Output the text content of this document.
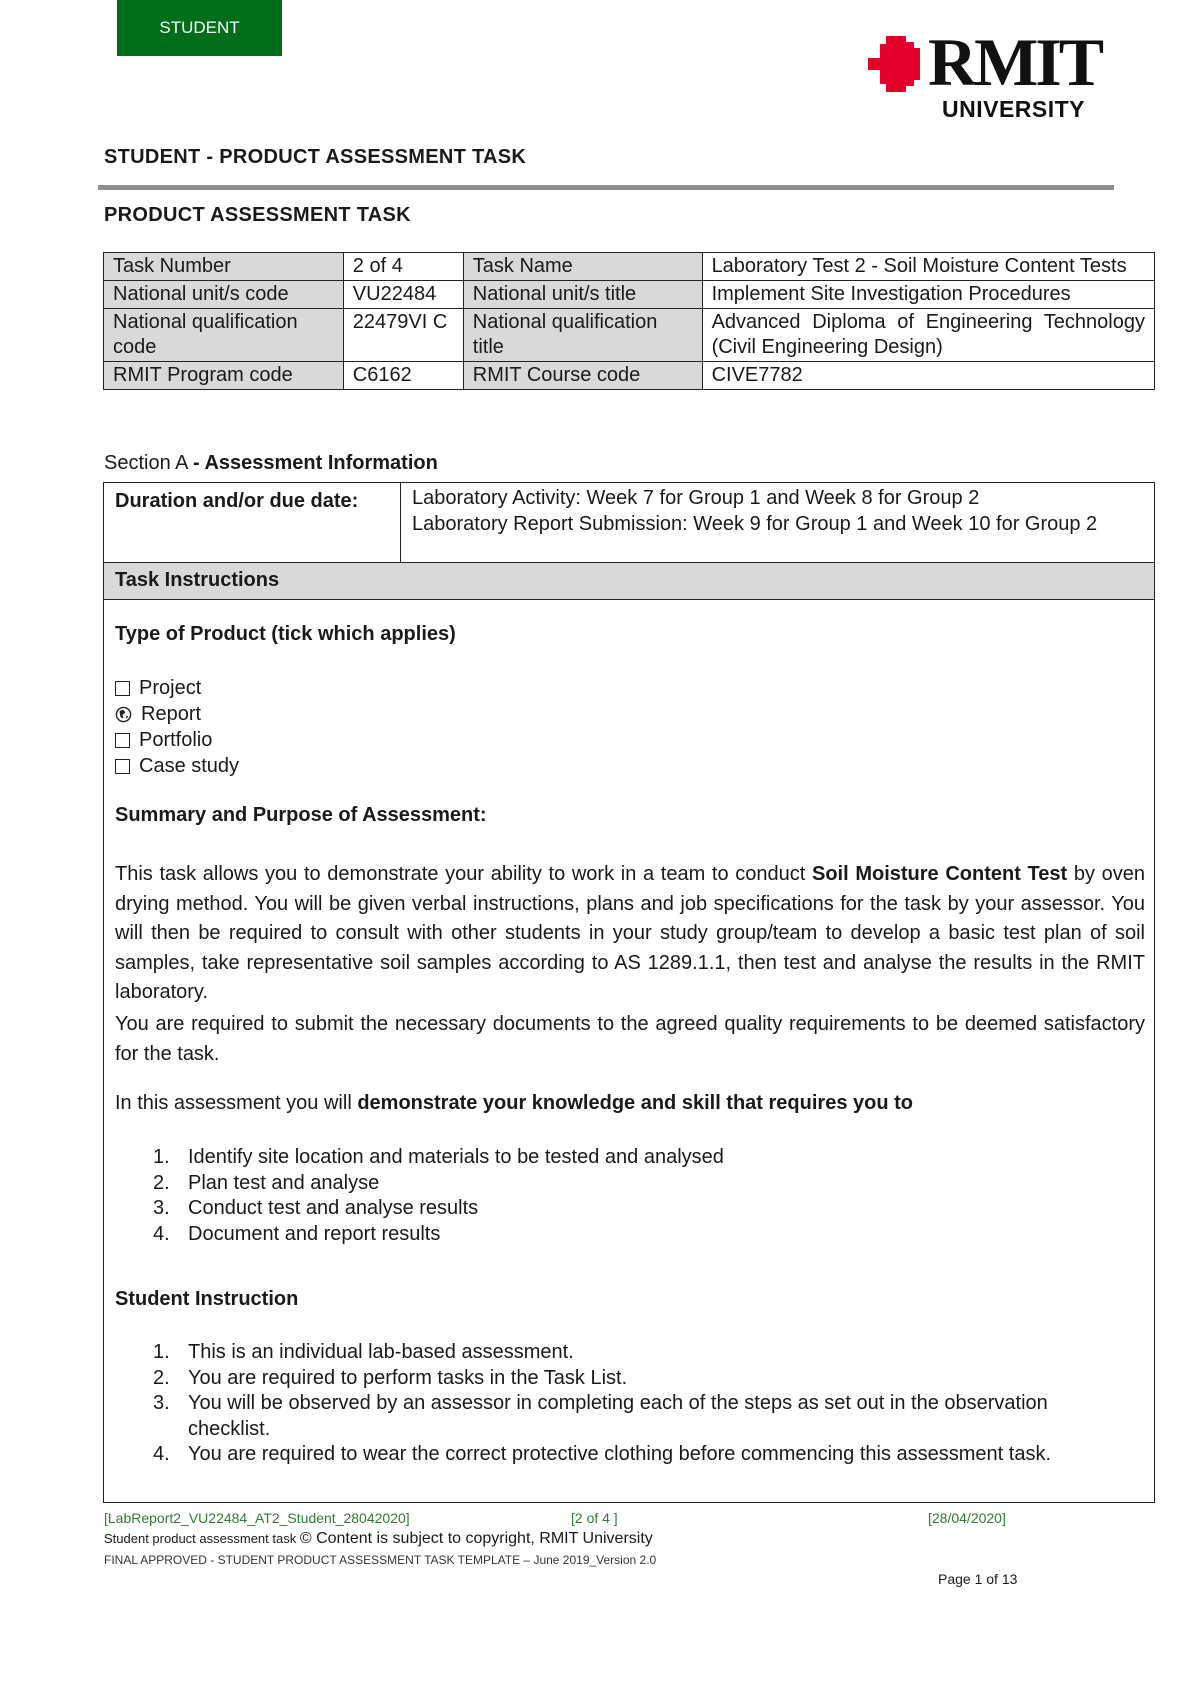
STUDENT	RMIT
UNIVERSITY
STUDENT - PRODUCT ASSESSMENT TASK
PRODUCT ASSESSMENT TASK
Task Number	2 of 4	Task Name	Laboratory Test 2 - Soil Moisture Content Tests
National unit/s code	VU22484	National unit/s title	Implement Site Investigation Procedures
National qualification code	22479VI C	National qualification title	Advanced Diploma of Engineering Technology (Civil Engineering Design)
RMIT Program code	C6162	RMIT Course code	CIVE7782
Section A - Assessment Information
Duration and/or due date:	Laboratory Activity: Week 7 for Group 1 and Week 8 for Group 2
Laboratory Report Submission: Week 9 for Group 1 and Week 10 for Group 2
Task Instructions
Type of Product (tick which applies)
Project
Report
Portfolio
Case study
Summary and Purpose of Assessment:
This task allows you to demonstrate your ability to work in a team to conduct Soil Moisture Content Test by oven drying method. You will be given verbal instructions, plans and job specifications for the task by your assessor. You will then be required to consult with other students in your study group/team to develop a basic test plan of soil samples, take representative soil samples according to AS 1289.1.1, then test and analyse the results in the RMIT laboratory.
You are required to submit the necessary documents to the agreed quality requirements to be deemed satisfactory for the task.
In this assessment you will demonstrate your knowledge and skill that requires you to
1. Identify site location and materials to be tested and analysed
2. Plan test and analyse
3. Conduct test and analyse results
4. Document and report results
Student Instruction
1. This is an individual lab-based assessment.
2. You are required to perform tasks in the Task List.
3. You will be observed by an assessor in completing each of the steps as set out in the observation checklist.
4. You are required to wear the correct protective clothing before commencing this assessment task.
[LabReport2_VU22484_AT2_Student_28042020]	[2 of 4 ]	[28/04/2020]
Student product assessment task © Content is subject to copyright, RMIT University
FINAL APPROVED - STUDENT PRODUCT ASSESSMENT TASK TEMPLATE – June 2019_Version 2.0
Page 1 of 13
